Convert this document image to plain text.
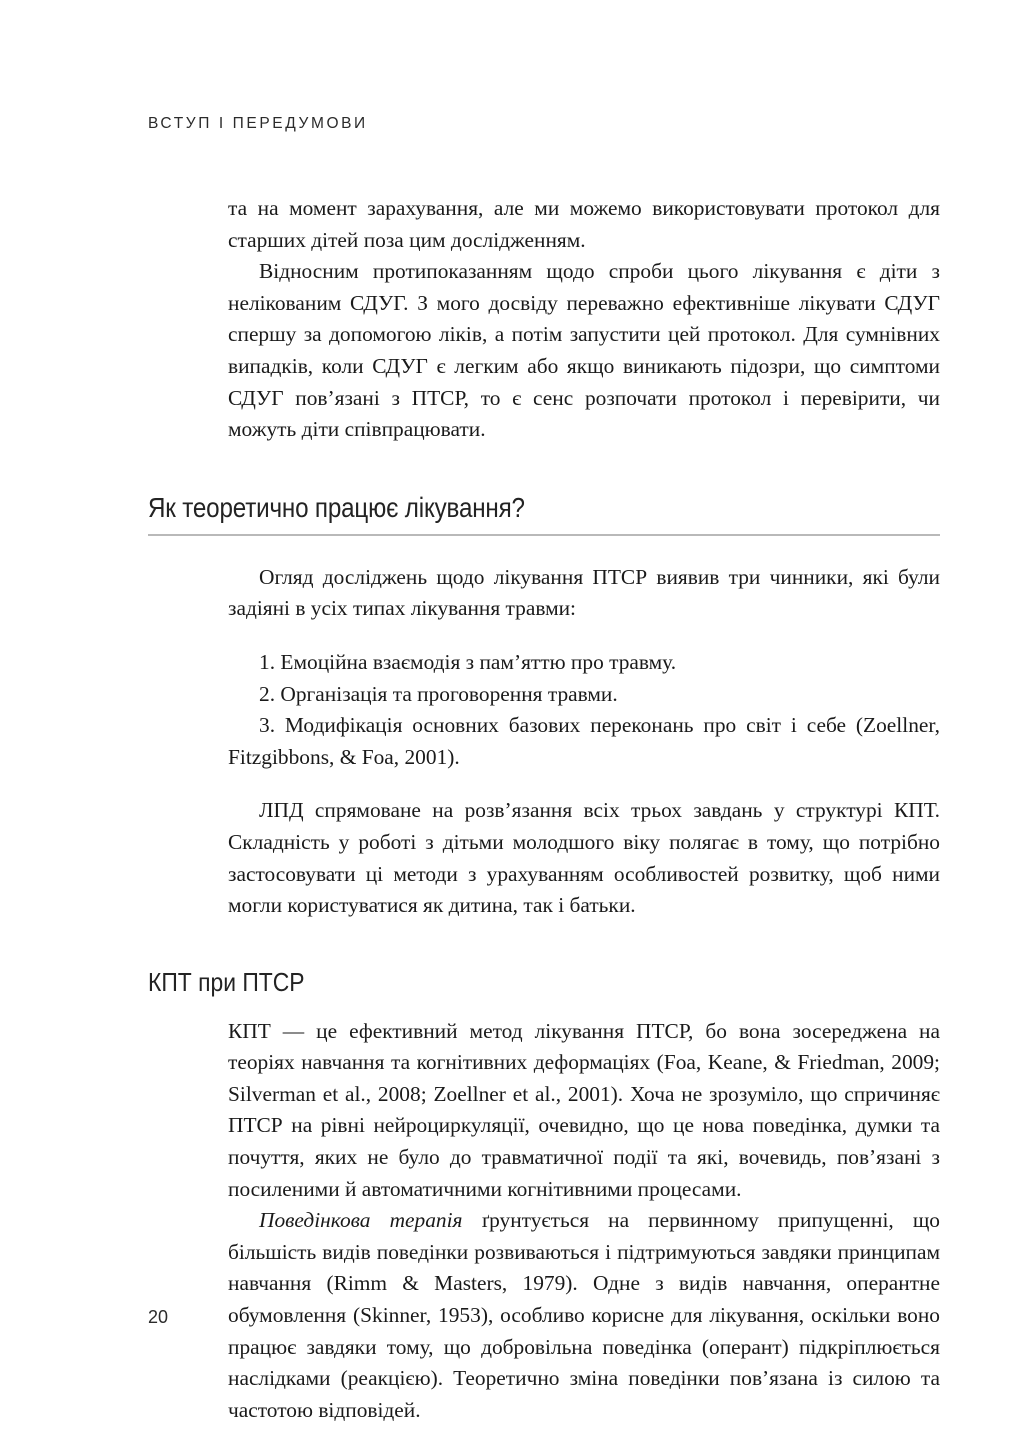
ВСТУП І ПЕРЕДУМОВИ

та на момент зарахування, але ми можемо використовувати протокол для старших дітей поза цим дослідженням.

Відносним протипоказанням щодо спроби цього лікування є діти з нелікованим СДУГ. З мого досвіду переважно ефективніше лікувати СДУГ спершу за допомогою ліків, а потім запустити цей протокол. Для сумнівних випадків, коли СДУГ є легким або якщо виникають підозри, що симптоми СДУГ пов’язані з ПТСР, то є сенс розпочати протокол і перевірити, чи можуть діти співпрацювати.

Як теоретично працює лікування?

Огляд досліджень щодо лікування ПТСР виявив три чинники, які були задіяні в усіх типах лікування травми:

1. Емоційна взаємодія з пам’яттю про травму.
2. Організація та проговорення травми.
3. Модифікація основних базових переконань про світ і себе (Zoellner, Fitzgibbons, & Foa, 2001).

ЛПД спрямоване на розв’язання всіх трьох завдань у структурі КПТ. Складність у роботі з дітьми молодшого віку полягає в тому, що потрібно застосовувати ці методи з урахуванням особливостей розвитку, щоб ними могли користуватися як дитина, так і батьки.

КПТ при ПТСР

КПТ — це ефективний метод лікування ПТСР, бо вона зосереджена на теоріях навчання та когнітивних деформаціях (Foa, Keane, & Friedman, 2009; Silverman et al., 2008; Zoellner et al., 2001). Хоча не зрозуміло, що спричиняє ПТСР на рівні нейроциркуляції, очевидно, що це нова поведінка, думки та почуття, яких не було до травматичної події та які, вочевидь, пов’язані з посиленими й автоматичними когнітивними процесами.

Поведінкова терапія ґрунтується на первинному припущенні, що більшість видів поведінки розвиваються і підтримуються завдяки принципам навчання (Rimm & Masters, 1979). Одне з видів навчання, оперантне обумовлення (Skinner, 1953), особливо корисне для лікування, оскільки воно працює завдяки тому, що добровільна поведінка (оперант) підкріплюється наслідками (реакцією). Теоретично зміна поведінки пов’язана із силою та частотою відповідей.

20
